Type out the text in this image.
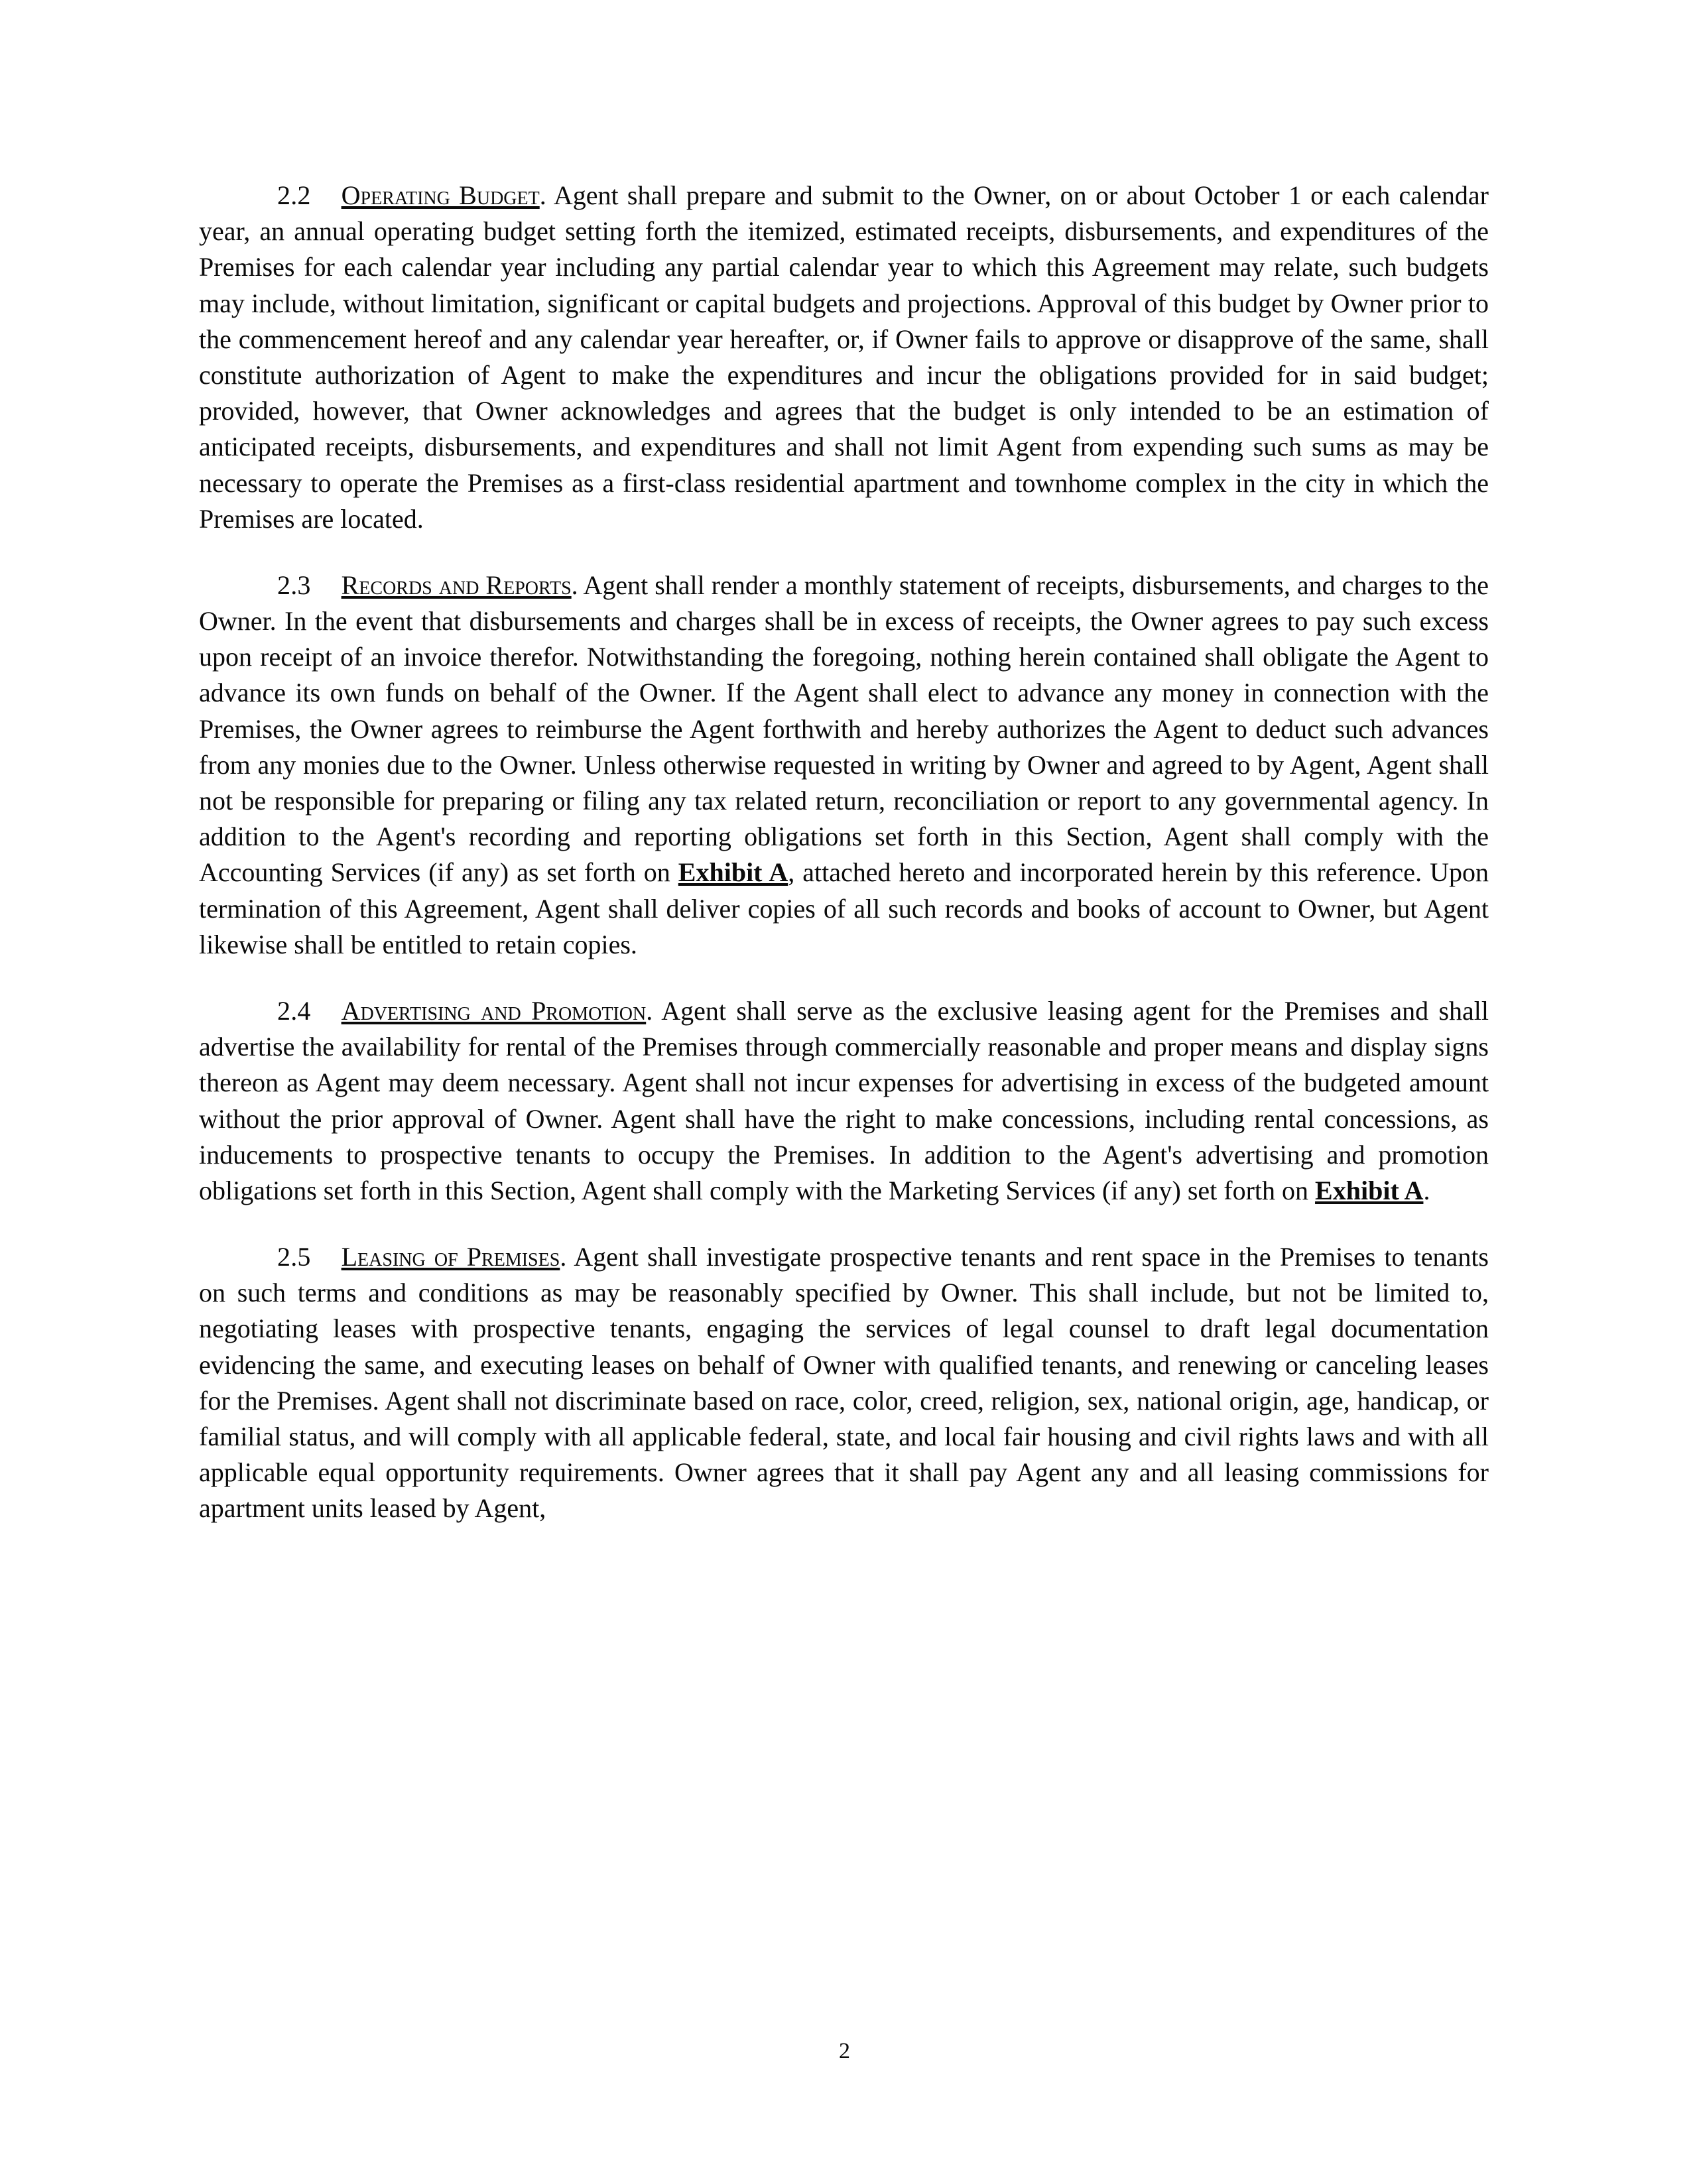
2.2 Operating Budget. Agent shall prepare and submit to the Owner, on or about October 1 or each calendar year, an annual operating budget setting forth the itemized, estimated receipts, disbursements, and expenditures of the Premises for each calendar year including any partial calendar year to which this Agreement may relate, such budgets may include, without limitation, significant or capital budgets and projections. Approval of this budget by Owner prior to the commencement hereof and any calendar year hereafter, or, if Owner fails to approve or disapprove of the same, shall constitute authorization of Agent to make the expenditures and incur the obligations provided for in said budget; provided, however, that Owner acknowledges and agrees that the budget is only intended to be an estimation of anticipated receipts, disbursements, and expenditures and shall not limit Agent from expending such sums as may be necessary to operate the Premises as a first-class residential apartment and townhome complex in the city in which the Premises are located.

2.3 Records and Reports. Agent shall render a monthly statement of receipts, disbursements, and charges to the Owner. In the event that disbursements and charges shall be in excess of receipts, the Owner agrees to pay such excess upon receipt of an invoice therefor. Notwithstanding the foregoing, nothing herein contained shall obligate the Agent to advance its own funds on behalf of the Owner. If the Agent shall elect to advance any money in connection with the Premises, the Owner agrees to reimburse the Agent forthwith and hereby authorizes the Agent to deduct such advances from any monies due to the Owner. Unless otherwise requested in writing by Owner and agreed to by Agent, Agent shall not be responsible for preparing or filing any tax related return, reconciliation or report to any governmental agency. In addition to the Agent's recording and reporting obligations set forth in this Section, Agent shall comply with the Accounting Services (if any) as set forth on Exhibit A, attached hereto and incorporated herein by this reference. Upon termination of this Agreement, Agent shall deliver copies of all such records and books of account to Owner, but Agent likewise shall be entitled to retain copies.

2.4 Advertising and Promotion. Agent shall serve as the exclusive leasing agent for the Premises and shall advertise the availability for rental of the Premises through commercially reasonable and proper means and display signs thereon as Agent may deem necessary. Agent shall not incur expenses for advertising in excess of the budgeted amount without the prior approval of Owner. Agent shall have the right to make concessions, including rental concessions, as inducements to prospective tenants to occupy the Premises. In addition to the Agent's advertising and promotion obligations set forth in this Section, Agent shall comply with the Marketing Services (if any) set forth on Exhibit A.

2.5 Leasing of Premises. Agent shall investigate prospective tenants and rent space in the Premises to tenants on such terms and conditions as may be reasonably specified by Owner. This shall include, but not be limited to, negotiating leases with prospective tenants, engaging the services of legal counsel to draft legal documentation evidencing the same, and executing leases on behalf of Owner with qualified tenants, and renewing or canceling leases for the Premises. Agent shall not discriminate based on race, color, creed, religion, sex, national origin, age, handicap, or familial status, and will comply with all applicable federal, state, and local fair housing and civil rights laws and with all applicable equal opportunity requirements. Owner agrees that it shall pay Agent any and all leasing commissions for apartment units leased by Agent,

2
